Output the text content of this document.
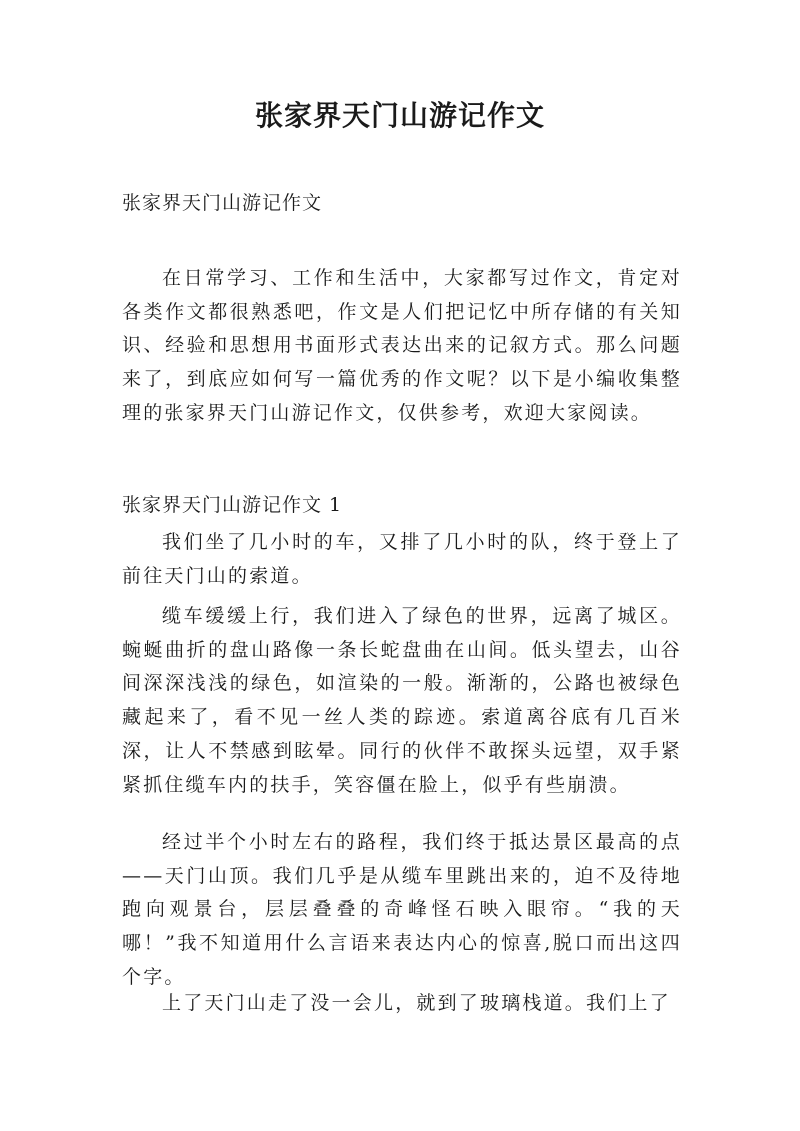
张家界天门山游记作文

张家界天门山游记作文

在日常学习、工作和生活中，大家都写过作文，肯定对各类作文都很熟悉吧，作文是人们把记忆中所存储的有关知识、经验和思想用书面形式表达出来的记叙方式。那么问题来了，到底应如何写一篇优秀的作文呢？以下是小编收集整理的张家界天门山游记作文，仅供参考，欢迎大家阅读。

张家界天门山游记作文 1

我们坐了几小时的车，又排了几小时的队，终于登上了前往天门山的索道。

缆车缓缓上行，我们进入了绿色的世界，远离了城区。蜿蜒曲折的盘山路像一条长蛇盘曲在山间。低头望去，山谷间深深浅浅的绿色，如渲染的一般。渐渐的，公路也被绿色藏起来了，看不见一丝人类的踪迹。索道离谷底有几百米深，让人不禁感到眩晕。同行的伙伴不敢探头远望，双手紧紧抓住缆车内的扶手，笑容僵在脸上，似乎有些崩溃。

经过半个小时左右的路程，我们终于抵达景区最高的点——天门山顶。我们几乎是从缆车里跳出来的，迫不及待地跑向观景台，层层叠叠的奇峰怪石映入眼帘。“我的天哪！”我不知道用什么言语来表达内心的惊喜,脱口而出这四个字。

上了天门山走了没一会儿，就到了玻璃栈道。我们上了
